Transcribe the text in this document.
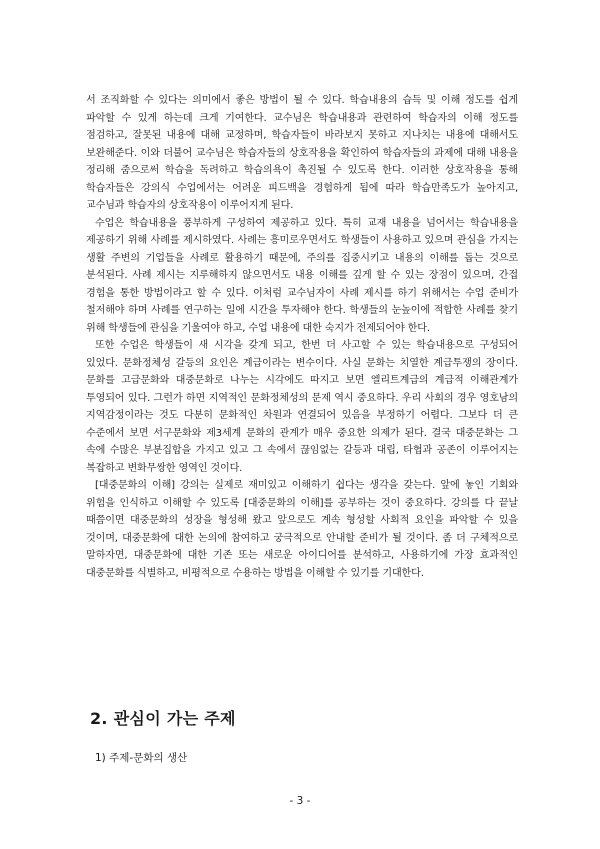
서 조직화할 수 있다는 의미에서 좋은 방법이 될 수 있다. 학습내용의 습득 및 이해 정도를 쉽게 파악할 수 있게 하는데 크게 기여한다. 교수님은 학습내용과 관련하여 학습자의 이해 정도를 점검하고, 잘못된 내용에 대해 교정하며, 학습자들이 바라보지 못하고 지나치는 내용에 대해서도 보완해준다. 이와 더불어 교수님은 학습자들의 상호작용을 확인하여 학습자들의 과제에 대해 내용을 정리해 줌으로써 학습을 독려하고 학습의욕이 촉진될 수 있도록 한다. 이러한 상호작용을 통해 학습자들은 강의식 수업에서는 어려운 피드백을 경험하게 됨에 따라 학습만족도가 높아지고, 교수님과 학습자의 상호작용이 이루어지게 된다.

수업은 학습내용을 풍부하게 구성하여 제공하고 있다. 특히 교재 내용을 넘어서는 학습내용을 제공하기 위해 사례를 제시하였다. 사례는 흥미로우면서도 학생들이 사용하고 있으며 관심을 가지는 생활 주변의 기업들을 사례로 활용하기 때문에, 주의를 집중시키고 내용의 이해를 돕는 것으로 분석된다. 사례 제시는 지루해하지 않으면서도 내용 이해를 깊게 할 수 있는 장점이 있으며, 간접 경험을 통한 방법이라고 할 수 있다. 이처럼 교수님자이 사례 제시를 하기 위해서는 수업 준비가 철저해야 하며 사례를 연구하는 일에 시간을 투자해야 한다. 학생들의 눈높이에 적합한 사례를 찾기 위해 학생들에 관심을 기울여야 하고, 수업 내용에 대한 숙지가 전제되어야 한다.

또한 수업은 학생들이 새 시각을 갖게 되고, 한번 더 사고할 수 있는 학습내용으로 구성되어 있었다. 문화정체성 갈등의 요인은 계급이라는 변수이다. 사실 문화는 치열한 계급투쟁의 장이다. 문화를 고급문화와 대중문화로 나누는 시각에도 따지고 보면 엘리트계급의 계급적 이해관계가 투영되어 있다. 그런가 하면 지역적인 문화정체성의 문제 역시 중요하다. 우리 사회의 경우 영호남의 지역감정이라는 것도 다분히 문화적인 차원과 연결되어 있음을 부정하기 어렵다. 그보다 더 큰 수준에서 보면 서구문화와 제3세계 문화의 관계가 매우 중요한 의제가 된다. 결국 대중문화는 그 속에 수많은 부분집합을 가지고 있고 그 속에서 끊임없는 갈등과 대립, 타협과 공존이 이루어지는 복잡하고 변화무쌍한 영역인 것이다.

[대중문화의 이해] 강의는 실제로 재미있고 이해하기 쉽다는 생각을 갖는다. 앞에 놓인 기회와 위험을 인식하고 이해할 수 있도록 [대중문화의 이해]를 공부하는 것이 중요하다. 강의를 다 끝날 때쯤이면 대중문화의 성장을 형성해 왔고 앞으로도 계속 형성할 사회적 요인을 파악할 수 있을 것이며, 대중문화에 대한 논의에 참여하고 궁극적으로 안내할 준비가 될 것이다. 좀 더 구체적으로 말하자면, 대중문화에 대한 기존 또는 새로운 아이디어를 분석하고, 사용하기에 가장 효과적인 대중문화를 식별하고, 비평적으로 수용하는 방법을 이해할 수 있기를 기대한다.

2. 관심이 가는 주제

1) 주제-문화의 생산

- 3 -
